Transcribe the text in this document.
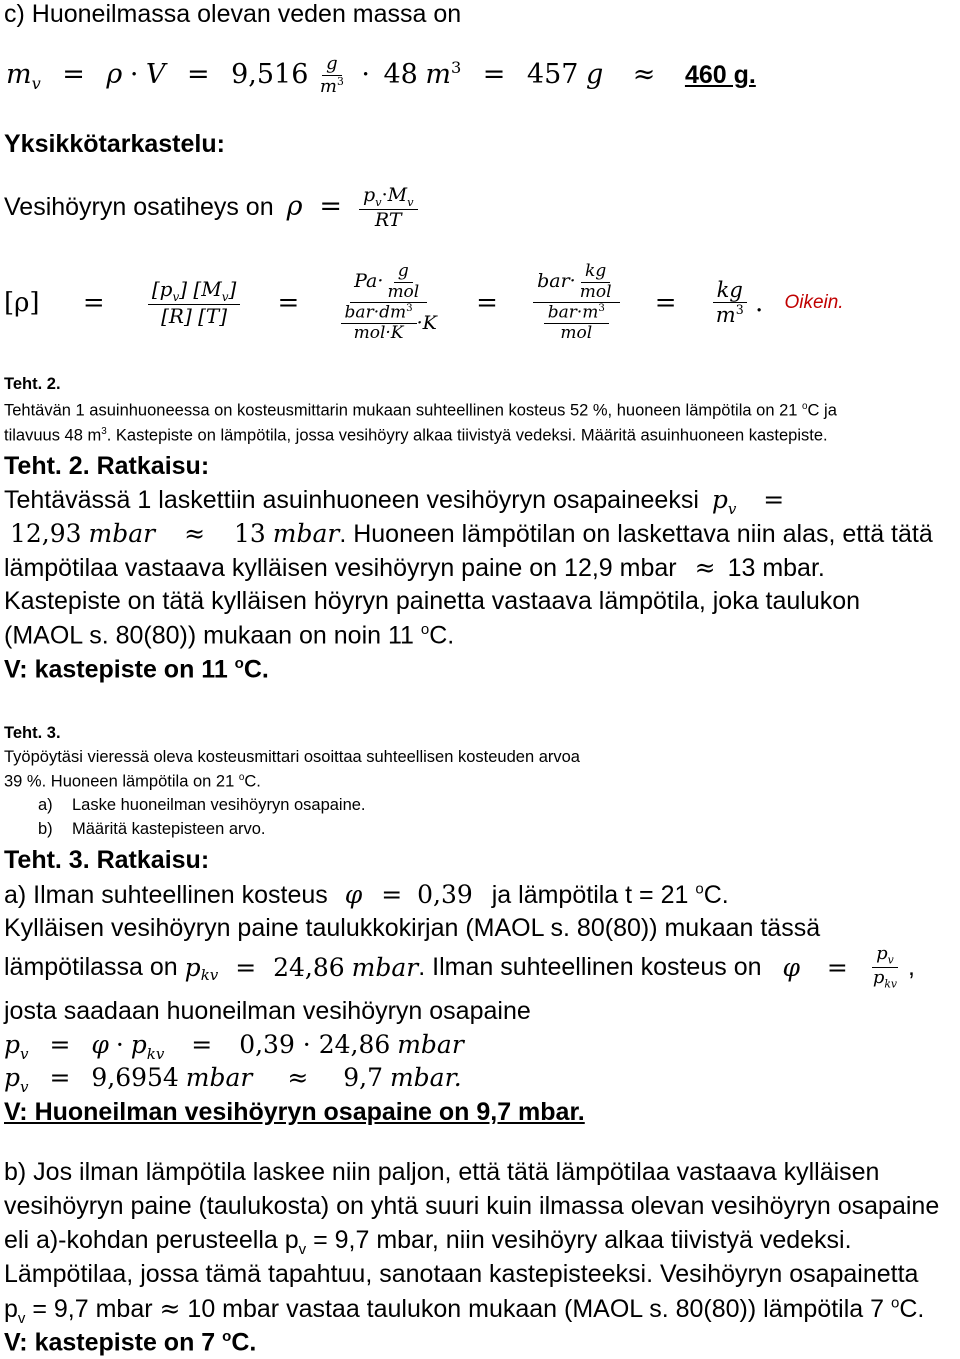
c) Huoneilmassa olevan veden massa on
$m_v = \rho \cdot V = 9,516 \frac{g}{m^3} \cdot 48$ $m^3 = 457$ g ≈ 460 g.
Yksikkötarkastelu:
Vesihöyryn osatiheys on $\rho = \frac{p_v\cdot M_v}{RT}$
$[\rho] = \frac{[p_v] [M_v]}{[R] [T]}$ =
Pa· g
mol
$bar\cdot dm^3$
mol·K ·K
=
bar· kg
mol
$bar\cdot m^3$
mol
= $\frac{kg}{m^3}$ . Oikein.
Teht. 2.
Tehtävän 1 asuinhuoneessa on kosteusmittarin mukaan suhteellinen kosteus 52 %, huoneen lämpötila on 21 $^o$C ja
tilavuus 48 $m^3$. Kastepiste on lämpötila, jossa vesihöyry alkaa tiivistyä vedeksi. Määritä asuinhuoneen kastepiste.
Teht. 2. Ratkaisu:
Tehtävässä 1 laskettiin asuinhuoneen vesihöyryn osapaineeksi $p_v$ =
12,93 mbar ≈ 13 mbar. Huoneen lämpötilan on laskettava niin alas, että tätä
lämpötilaa vastaava kylläisen vesihöyryn paine on 12,9 mbar ≈ 13 mbar.
Kastepiste on tätä kylläisen höyryn painetta vastaava lämpötila, joka taulukon
(MAOL s. 80(80)) mukaan on noin 11 $^o$C.
V: kastepiste on 11 $^o$C.
Teht. 3.
Työpöytäsi vieressä oleva kosteusmittari osoittaa suhteellisen kosteuden arvoa
39 %. Huoneen lämpötila on 21 $^o$C.
a) Laske huoneilman vesihöyryn osapaine.
b) Määritä kastepisteen arvo.
Teht. 3. Ratkaisu:
a) Ilman suhteellinen kosteus φ = 0,39 ja lämpötila t = 21 $^o$C.
Kylläisen vesihöyryn paine taulukkokirjan (MAOL s. 80(80)) mukaan tässä
lämpötilassa on $p_{kv} = 24,86$ mbar. Ilman suhteellinen kosteus on $\varphi = p_v$
$p_{kv}$
,
josta saadaan huoneilman vesihöyryn osapaine
$p_v = \varphi \cdot p_{kv} = 0,39 \cdot 24,86$ mbar
$p_v = 9,6954$ mbar ≈ 9,7 mbar.
V: Huoneilman vesihöyryn osapaine on 9,7 mbar.
b) Jos ilman lämpötila laskee niin paljon, että tätä lämpötilaa vastaava kylläisen
vesihöyryn paine (taulukosta) on yhtä suuri kuin ilmassa olevan vesihöyryn osapaine
eli a)-kohdan perusteella $p_v = 9,7$ mbar, niin vesihöyry alkaa tiivistyä vedeksi.
Lämpötilaa, jossa tämä tapahtuu, sanotaan kastepisteeksi. Vesihöyryn osapainetta
$p_v = 9,7$ mbar ≈ 10 mbar vastaa taulukon mukaan (MAOL s. 80(80)) lämpötila 7 $^o$C.
V: kastepiste on 7 $^o$C.
